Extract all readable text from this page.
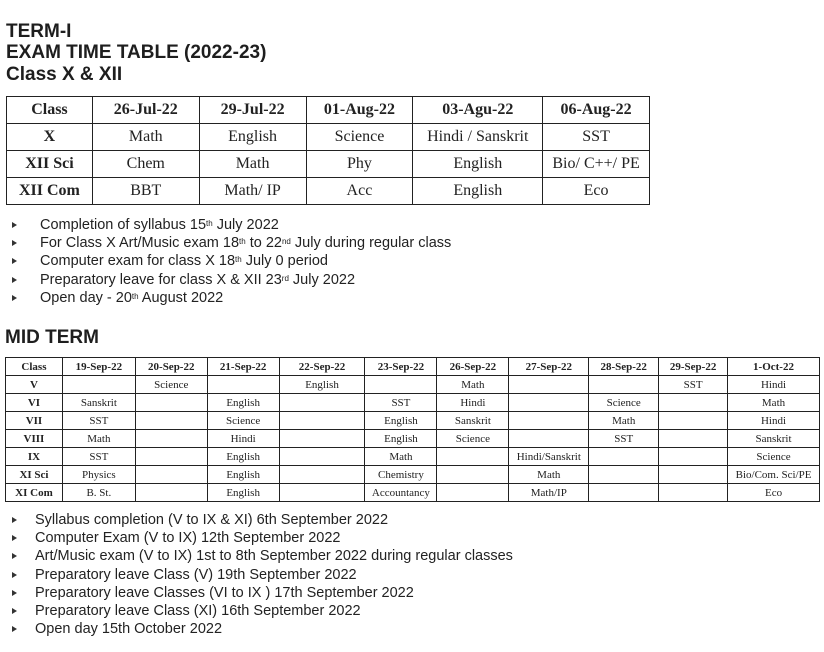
TERM-I
EXAM TIME TABLE (2022-23)
Class X & XII
Class	26-Jul-22	29-Jul-22	01-Aug-22	03-Agu-22	06-Aug-22
X	Math	English	Science	Hindi / Sanskrit	SST
XII Sci	Chem	Math	Phy	English	Bio/ C++/ PE
XII Com	BBT	Math/ IP	Acc	English	Eco
Completion of syllabus 15th July 2022
For Class X Art/Music exam 18th to 22nd July during regular class
Computer exam for class X 18th July 0 period
Preparatory leave for class X & XII 23rd July 2022
Open day - 20th August 2022
MID TERM
Class	19-Sep-22	20-Sep-22	21-Sep-22	22-Sep-22	23-Sep-22	26-Sep-22	27-Sep-22	28-Sep-22	29-Sep-22	1-Oct-22
V		Science		English		Math			SST	Hindi
VI	Sanskrit		English		SST	Hindi		Science		Math
VII	SST		Science		English	Sanskrit		Math		Hindi
VIII	Math		Hindi		English	Science		SST		Sanskrit
IX	SST		English		Math		Hindi/Sanskrit			Science
XI Sci	Physics		English		Chemistry		Math			Bio/Com. Sci/PE
XI Com	B. St.		English		Accountancy		Math/IP			Eco
Syllabus completion (V to IX & XI) 6th September 2022
Computer Exam (V to IX) 12th September 2022
Art/Music exam (V to IX) 1st to 8th September 2022 during regular classes
Preparatory leave Class (V) 19th September 2022
Preparatory leave Classes (VI to IX ) 17th September 2022
Preparatory leave Class (XI) 16th September 2022
Open day 15th October 2022
